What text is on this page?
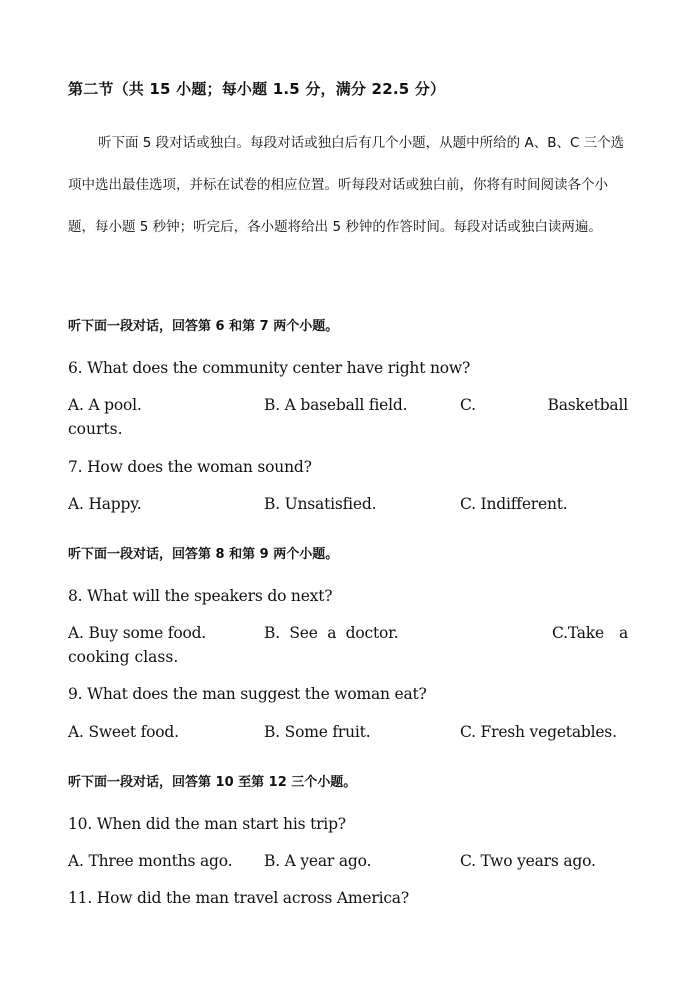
第二节（共 15 小题；每小题 1.5 分，满分 22.5 分）

听下面 5 段对话或独白。每段对话或独白后有几个小题，从题中所给的 A、B、C 三个选项中选出最佳选项，并标在试卷的相应位置。听每段对话或独白前，你将有时间阅读各个小题，每小题 5 秒钟；听完后，各小题将给出 5 秒钟的作答时间。每段对话或独白读两遍。

听下面一段对话，回答第 6 和第 7 两个小题。
6. What does the community center have right now?
A. A pool.	B. A baseball field.	C.	Basketball
courts.
7. How does the woman sound?
A. Happy.	B. Unsatisfied.	C. Indifferent.
听下面一段对话，回答第 8 和第 9 两个小题。
8. What will the speakers do next?
A. Buy some food.	B.  See  a  doctor.	C.Take a
cooking class.
9. What does the man suggest the woman eat?
A. Sweet food.	B. Some fruit.	C. Fresh vegetables.
听下面一段对话，回答第 10 至第 12 三个小题。
10. When did the man start his trip?
A. Three months ago. B. A year ago.	C. Two years ago.
11. How did the man travel across America?
